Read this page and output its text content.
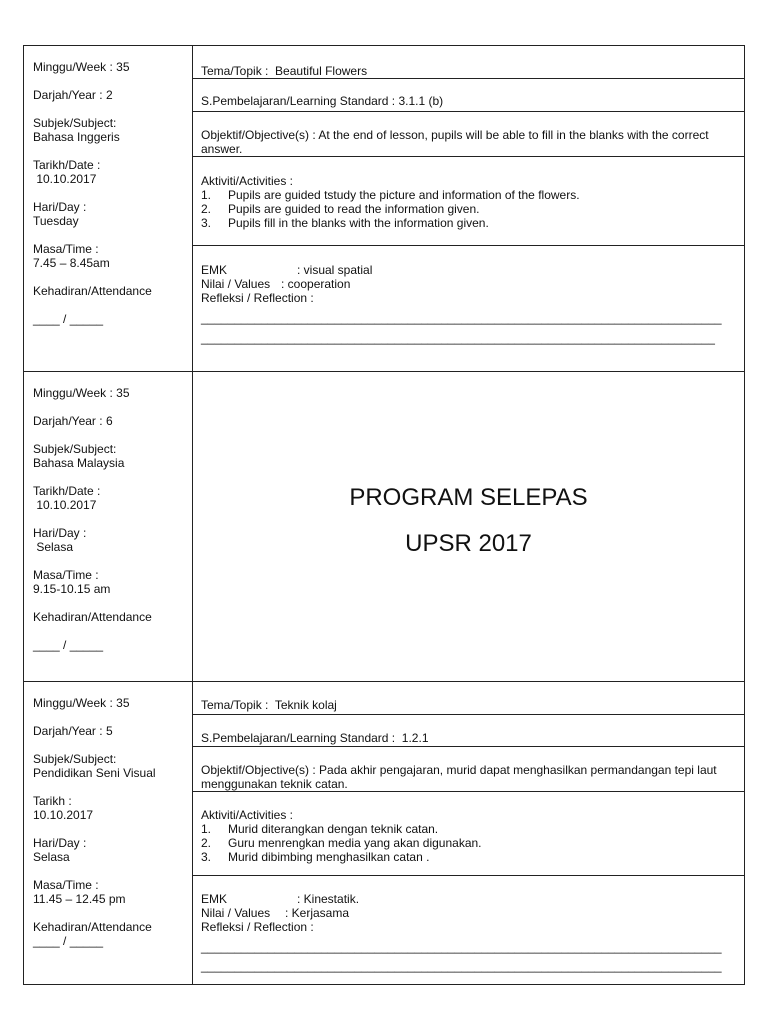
Minggu/Week : 35
Darjah/Year : 2
Subjek/Subject:
Bahasa Inggeris
Tarikh/Date :
10.10.2017
Hari/Day :
Tuesday
Masa/Time :
7.45 – 8.45am
Kehadiran/Attendance
____ / _____
Tema/Topik :  Beautiful Flowers
S.Pembelajaran/Learning Standard : 3.1.1 (b)
Objektif/Objective(s) : At the end of lesson, pupils will be able to fill in the blanks with the correct answer.
Aktiviti/Activities :
1.	Pupils are guided tstudy the picture and information of the flowers.
2.	Pupils are guided to read the information given.
3.	Pupils fill in the blanks with the information given.
EMK	: visual spatial
Nilai / Values : cooperation
Refleksi / Reflection :
______________________________________________________________________________
_____________________________________________________________________________
Minggu/Week : 35
Darjah/Year : 6
Subjek/Subject:
Bahasa Malaysia
Tarikh/Date :
10.10.2017
Hari/Day :
Selasa
Masa/Time :
9.15-10.15 am
Kehadiran/Attendance
____ / _____
PROGRAM SELEPAS
UPSR 2017
Minggu/Week : 35
Darjah/Year : 5
Subjek/Subject:
Pendidikan Seni Visual
Tarikh :
10.10.2017
Hari/Day :
Selasa
Masa/Time :
11.45 – 12.45 pm
Kehadiran/Attendance
____ / _____
Tema/Topik :  Teknik kolaj
S.Pembelajaran/Learning Standard :  1.2.1
Objektif/Objective(s) : Pada akhir pengajaran, murid dapat menghasilkan permandangan tepi laut menggunakan teknik catan.
Aktiviti/Activities :
1.	Murid diterangkan dengan teknik catan.
2.	Guru menrengkan media yang akan digunakan.
3.	Murid dibimbing menghasilkan catan .
EMK	: Kinestatik.
Nilai / Values : Kerjasama
Refleksi / Reflection :
______________________________________________________________________________
______________________________________________________________________________
